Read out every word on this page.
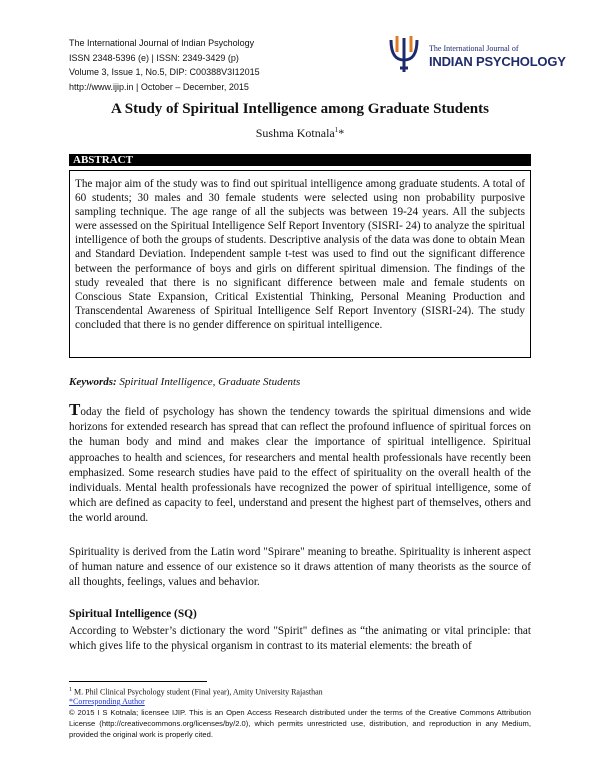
The International Journal of Indian Psychology
ISSN 2348-5396 (e) | ISSN: 2349-3429 (p)
Volume 3, Issue 1, No.5, DIP: C00388V3I12015
http://www.ijip.in | October – December, 2015
The International Journal of
INDIAN PSYCHOLOGY
A Study of Spiritual Intelligence among Graduate Students
Sushma Kotnala$^1$*
ABSTRACT

The major aim of the study was to find out spiritual intelligence among graduate students. A total of 60 students; 30 males and 30 female students were selected using non probability purposive sampling technique. The age range of all the subjects was between 19-24 years. All the subjects were assessed on the Spiritual Intelligence Self Report Inventory (SISRI- 24) to analyze the spiritual intelligence of both the groups of students. Descriptive analysis of the data was done to obtain Mean and Standard Deviation. Independent sample t-test was used to find out the significant difference between the performance of boys and girls on different spiritual dimension. The findings of the study revealed that there is no significant difference between male and female students on Conscious State Expansion, Critical Existential Thinking, Personal Meaning Production and Transcendental Awareness of Spiritual Intelligence Self Report Inventory (SISRI-24). The study concluded that there is no gender difference on spiritual intelligence.

Keywords: Spiritual Intelligence, Graduate Students

Today the field of psychology has shown the tendency towards the spiritual dimensions and wide horizons for extended research has spread that can reflect the profound influence of spiritual forces on the human body and mind and makes clear the importance of spiritual intelligence. Spiritual approaches to health and sciences, for researchers and mental health professionals have recently been emphasized. Some research studies have paid to the effect of spirituality on the overall health of the individuals. Mental health professionals have recognized the power of spiritual intelligence, some of which are defined as capacity to feel, understand and present the highest part of themselves, others and the world around.

Spirituality is derived from the Latin word "Spirare" meaning to breathe. Spirituality is inherent aspect of human nature and essence of our existence so it draws attention of many theorists as the source of all thoughts, feelings, values and behavior.

Spiritual Intelligence (SQ)

According to Webster’s dictionary the word "Spirit" defines as “the animating or vital principle: that which gives life to the physical organism in contrast to its material elements: the breath of

$^1$ M. Phil Clinical Psychology student (Final year), Amity University Rajasthan
*Corresponding Author
© 2015 I S Kotnala; licensee IJIP. This is an Open Access Research distributed under the terms of the Creative Commons Attribution License (http://creativecommons.org/licenses/by/2.0), which permits unrestricted use, distribution, and reproduction in any Medium, provided the original work is properly cited.
